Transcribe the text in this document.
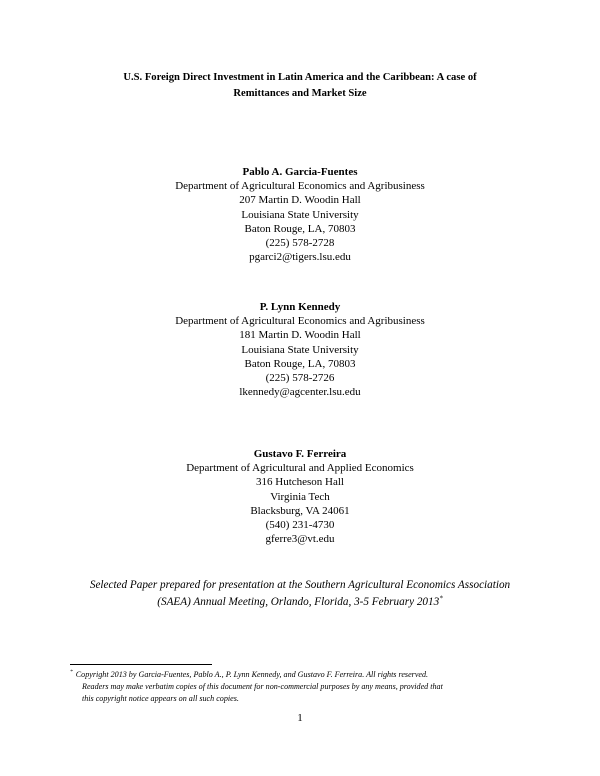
U.S. Foreign Direct Investment in Latin America and the Caribbean: A case of
Remittances and Market Size
Pablo A. Garcia-Fuentes
Department of Agricultural Economics and Agribusiness
207 Martin D. Woodin Hall
Louisiana State University
Baton Rouge, LA, 70803
(225) 578-2728
pgarci2@tigers.lsu.edu
P. Lynn Kennedy
Department of Agricultural Economics and Agribusiness
181 Martin D. Woodin Hall
Louisiana State University
Baton Rouge, LA, 70803
(225) 578-2726
lkennedy@agcenter.lsu.edu
Gustavo F. Ferreira
Department of Agricultural and Applied Economics
316 Hutcheson Hall
Virginia Tech
Blacksburg, VA 24061
(540) 231-4730
gferre3@vt.edu
Selected Paper prepared for presentation at the Southern Agricultural Economics Association
(SAEA) Annual Meeting, Orlando, Florida, 3-5 February 2013*
* Copyright 2013 by Garcia-Fuentes, Pablo A., P. Lynn Kennedy, and Gustavo F. Ferreira. All rights reserved.
Readers may make verbatim copies of this document for non-commercial purposes by any means, provided that
this copyright notice appears on all such copies.
1
